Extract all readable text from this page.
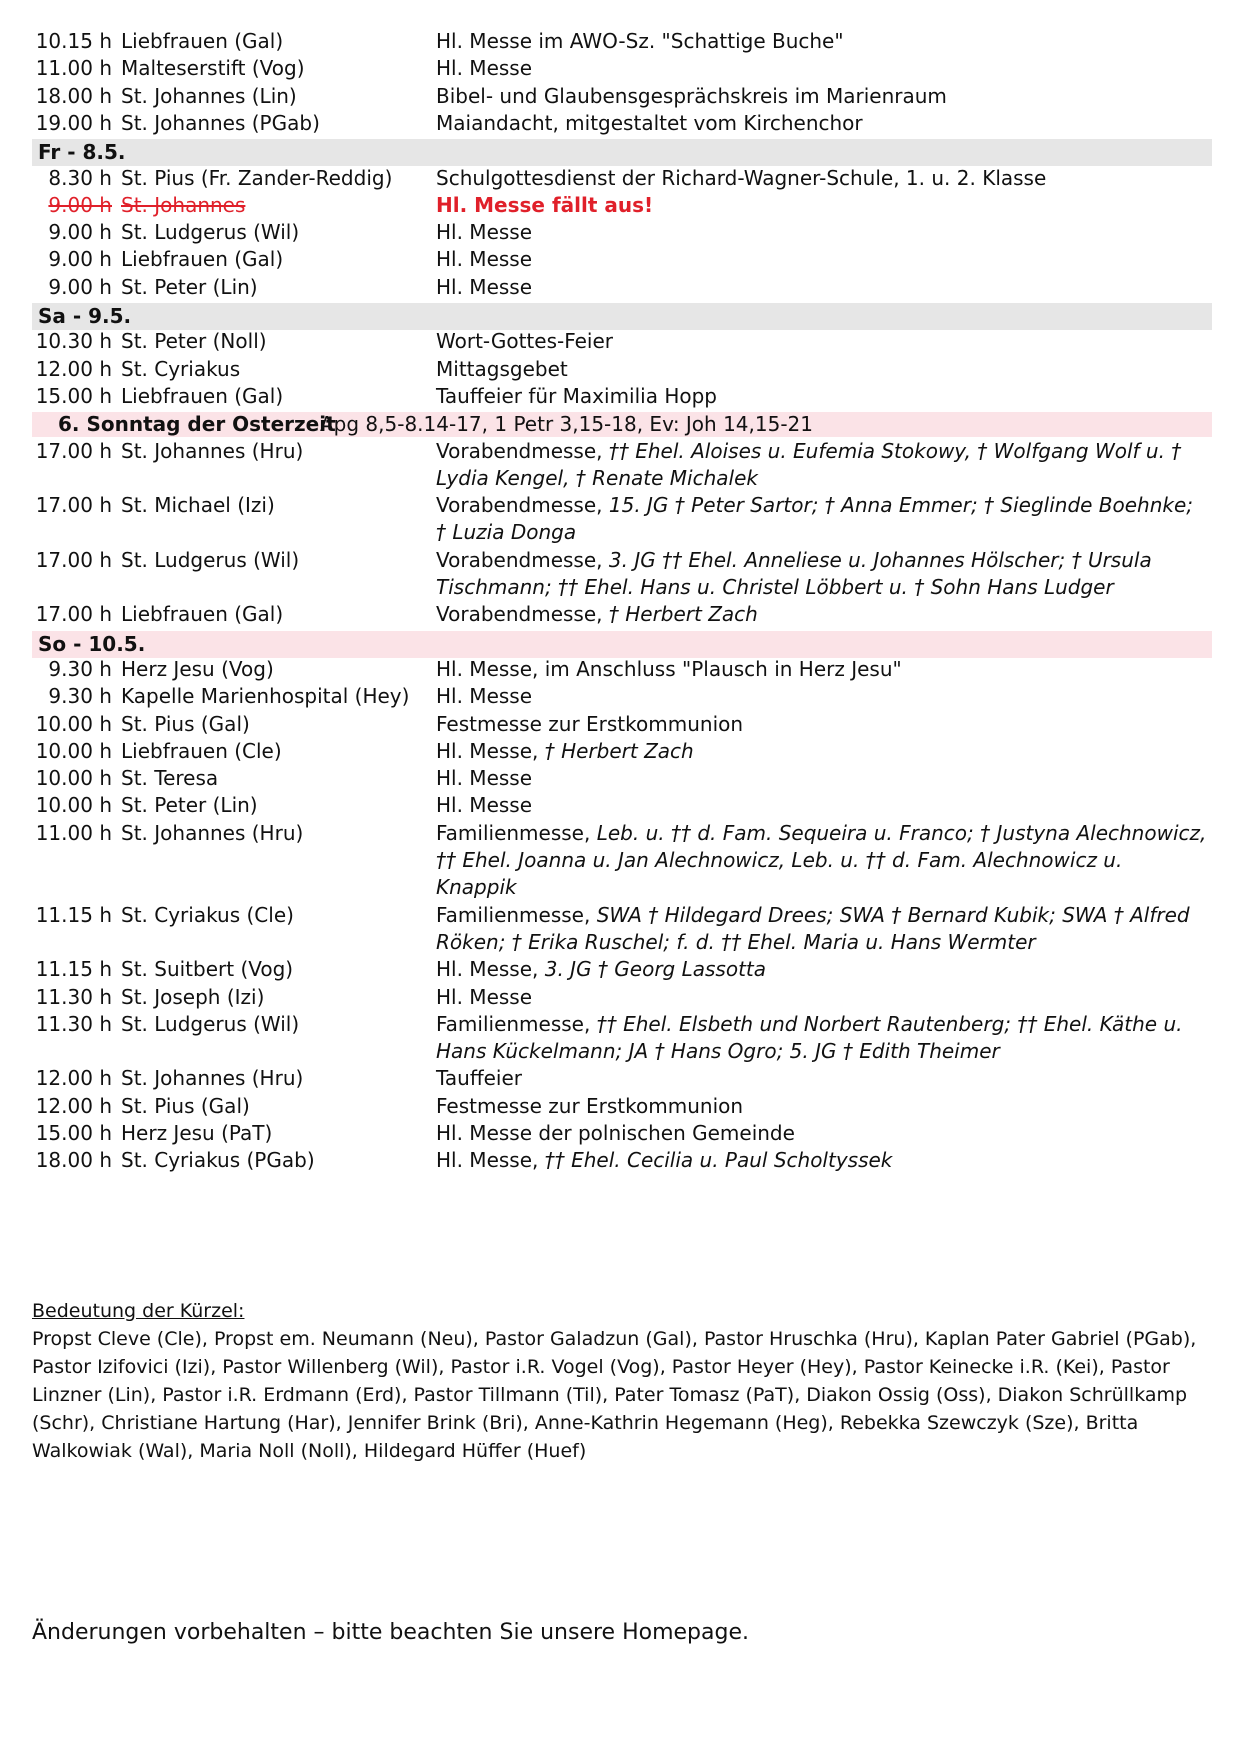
10.15 h Liebfrauen (Gal)	Hl. Messe im AWO-Sz. "Schattige Buche"
11.00 h Malteserstift (Vog)	Hl. Messe
18.00 h St. Johannes (Lin)	Bibel- und Glaubensgesprächskreis im Marienraum
19.00 h St. Johannes (PGab)	Maiandacht, mitgestaltet vom Kirchenchor
Fr - 8.5.
8.30 h St. Pius (Fr. Zander-Reddig) Schulgottesdienst der Richard-Wagner-Schule, 1. u. 2. Klasse
9.00 h St. Johannes	Hl. Messe fällt aus!
9.00 h St. Ludgerus (Wil)	Hl. Messe
9.00 h Liebfrauen (Gal)	Hl. Messe
9.00 h St. Peter (Lin)	Hl. Messe
Sa - 9.5.
10.30 h St. Peter (Noll)	Wort-Gottes-Feier
12.00 h St. Cyriakus	Mittagsgebet
15.00 h Liebfrauen (Gal)	Tauffeier für Maximilia Hopp
6. Sonntag der Osterzeit
Apg 8,5-8.14-17, 1 Petr 3,15-18, Ev: Joh 14,15-21
17.00 h St. Johannes (Hru)	Vorabendmesse, †† Ehel. Aloises u. Eufemia Stokowy, † Wolfgang Wolf u. † Lydia Kengel, † Renate Michalek
17.00 h St. Michael (Izi)	Vorabendmesse, 15. JG † Peter Sartor; † Anna Emmer; † Sieglinde Boehnke; † Luzia Donga
17.00 h St. Ludgerus (Wil)	Vorabendmesse, 3. JG †† Ehel. Anneliese u. Johannes Hölscher; † Ursula Tischmann; †† Ehel. Hans u. Christel Löbbert u. † Sohn Hans Ludger
17.00 h Liebfrauen (Gal)	Vorabendmesse, † Herbert Zach
So - 10.5.
9.30 h Herz Jesu (Vog)	Hl. Messe, im Anschluss "Plausch in Herz Jesu"
9.30 h Kapelle Marienhospital (Hey) Hl. Messe
10.00 h St. Pius (Gal)	Festmesse zur Erstkommunion
10.00 h Liebfrauen (Cle)	Hl. Messe, † Herbert Zach
10.00 h St. Teresa	Hl. Messe
10.00 h St. Peter (Lin)	Hl. Messe
11.00 h St. Johannes (Hru)	Familienmesse, Leb. u. †† d. Fam. Sequeira u. Franco; † Justyna Alechnowicz, †† Ehel. Joanna u. Jan Alechnowicz, Leb. u. †† d. Fam. Alechnowicz u. Knappik
11.15 h St. Cyriakus (Cle)	Familienmesse, SWA † Hildegard Drees; SWA † Bernard Kubik; SWA † Alfred Röken; † Erika Ruschel; f. d. †† Ehel. Maria u. Hans Wermter
11.15 h St. Suitbert (Vog)	Hl. Messe, 3. JG † Georg Lassotta
11.30 h St. Joseph (Izi)	Hl. Messe
11.30 h St. Ludgerus (Wil)	Familienmesse, †† Ehel. Elsbeth und Norbert Rautenberg; †† Ehel. Käthe u. Hans Kückelmann; JA † Hans Ogro; 5. JG † Edith Theimer
12.00 h St. Johannes (Hru)	Tauffeier
12.00 h St. Pius (Gal)	Festmesse zur Erstkommunion
15.00 h Herz Jesu (PaT)	Hl. Messe der polnischen Gemeinde
18.00 h St. Cyriakus (PGab)	Hl. Messe, †† Ehel. Cecilia u. Paul Scholtyssek
Bedeutung der Kürzel:
Propst Cleve (Cle), Propst em. Neumann (Neu), Pastor Galadzun (Gal), Pastor Hruschka (Hru), Kaplan Pater Gabriel (PGab), Pastor Izifovici (Izi), Pastor Willenberg (Wil), Pastor i.R. Vogel (Vog), Pastor Heyer (Hey), Pastor Keinecke i.R. (Kei), Pastor Linzner (Lin), Pastor i.R. Erdmann (Erd), Pastor Tillmann (Til), Pater Tomasz (PaT), Diakon Ossig (Oss), Diakon Schrüllkamp (Schr), Christiane Hartung (Har), Jennifer Brink (Bri), Anne-Kathrin Hegemann (Heg), Rebekka Szewczyk (Sze), Britta Walkowiak (Wal), Maria Noll (Noll), Hildegard Hüffer (Huef)
Änderungen vorbehalten – bitte beachten Sie unsere Homepage.
